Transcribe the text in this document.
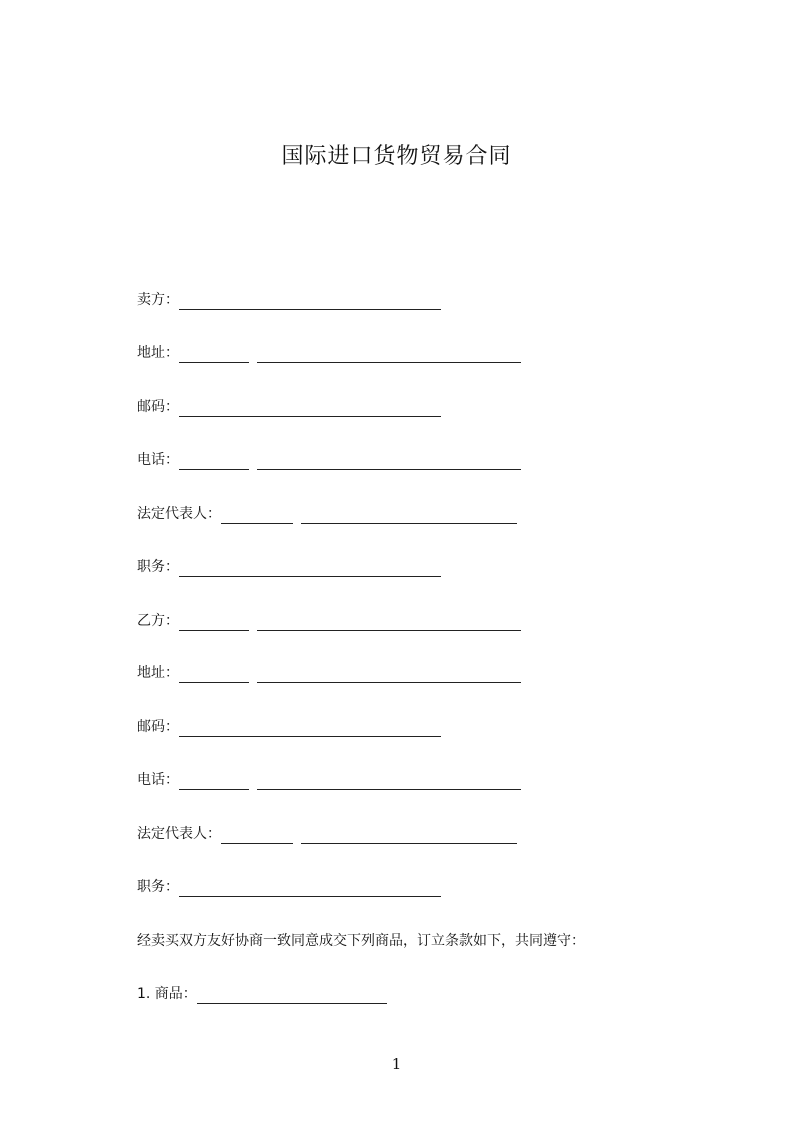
国际进口货物贸易合同
卖方：
地址：
邮码：
电话：
法定代表人：
职务：
乙方：
地址：
邮码：
电话：
法定代表人：
职务：
经卖买双方友好协商一致同意成交下列商品，订立条款如下，共同遵守：
1. 商品：
1
